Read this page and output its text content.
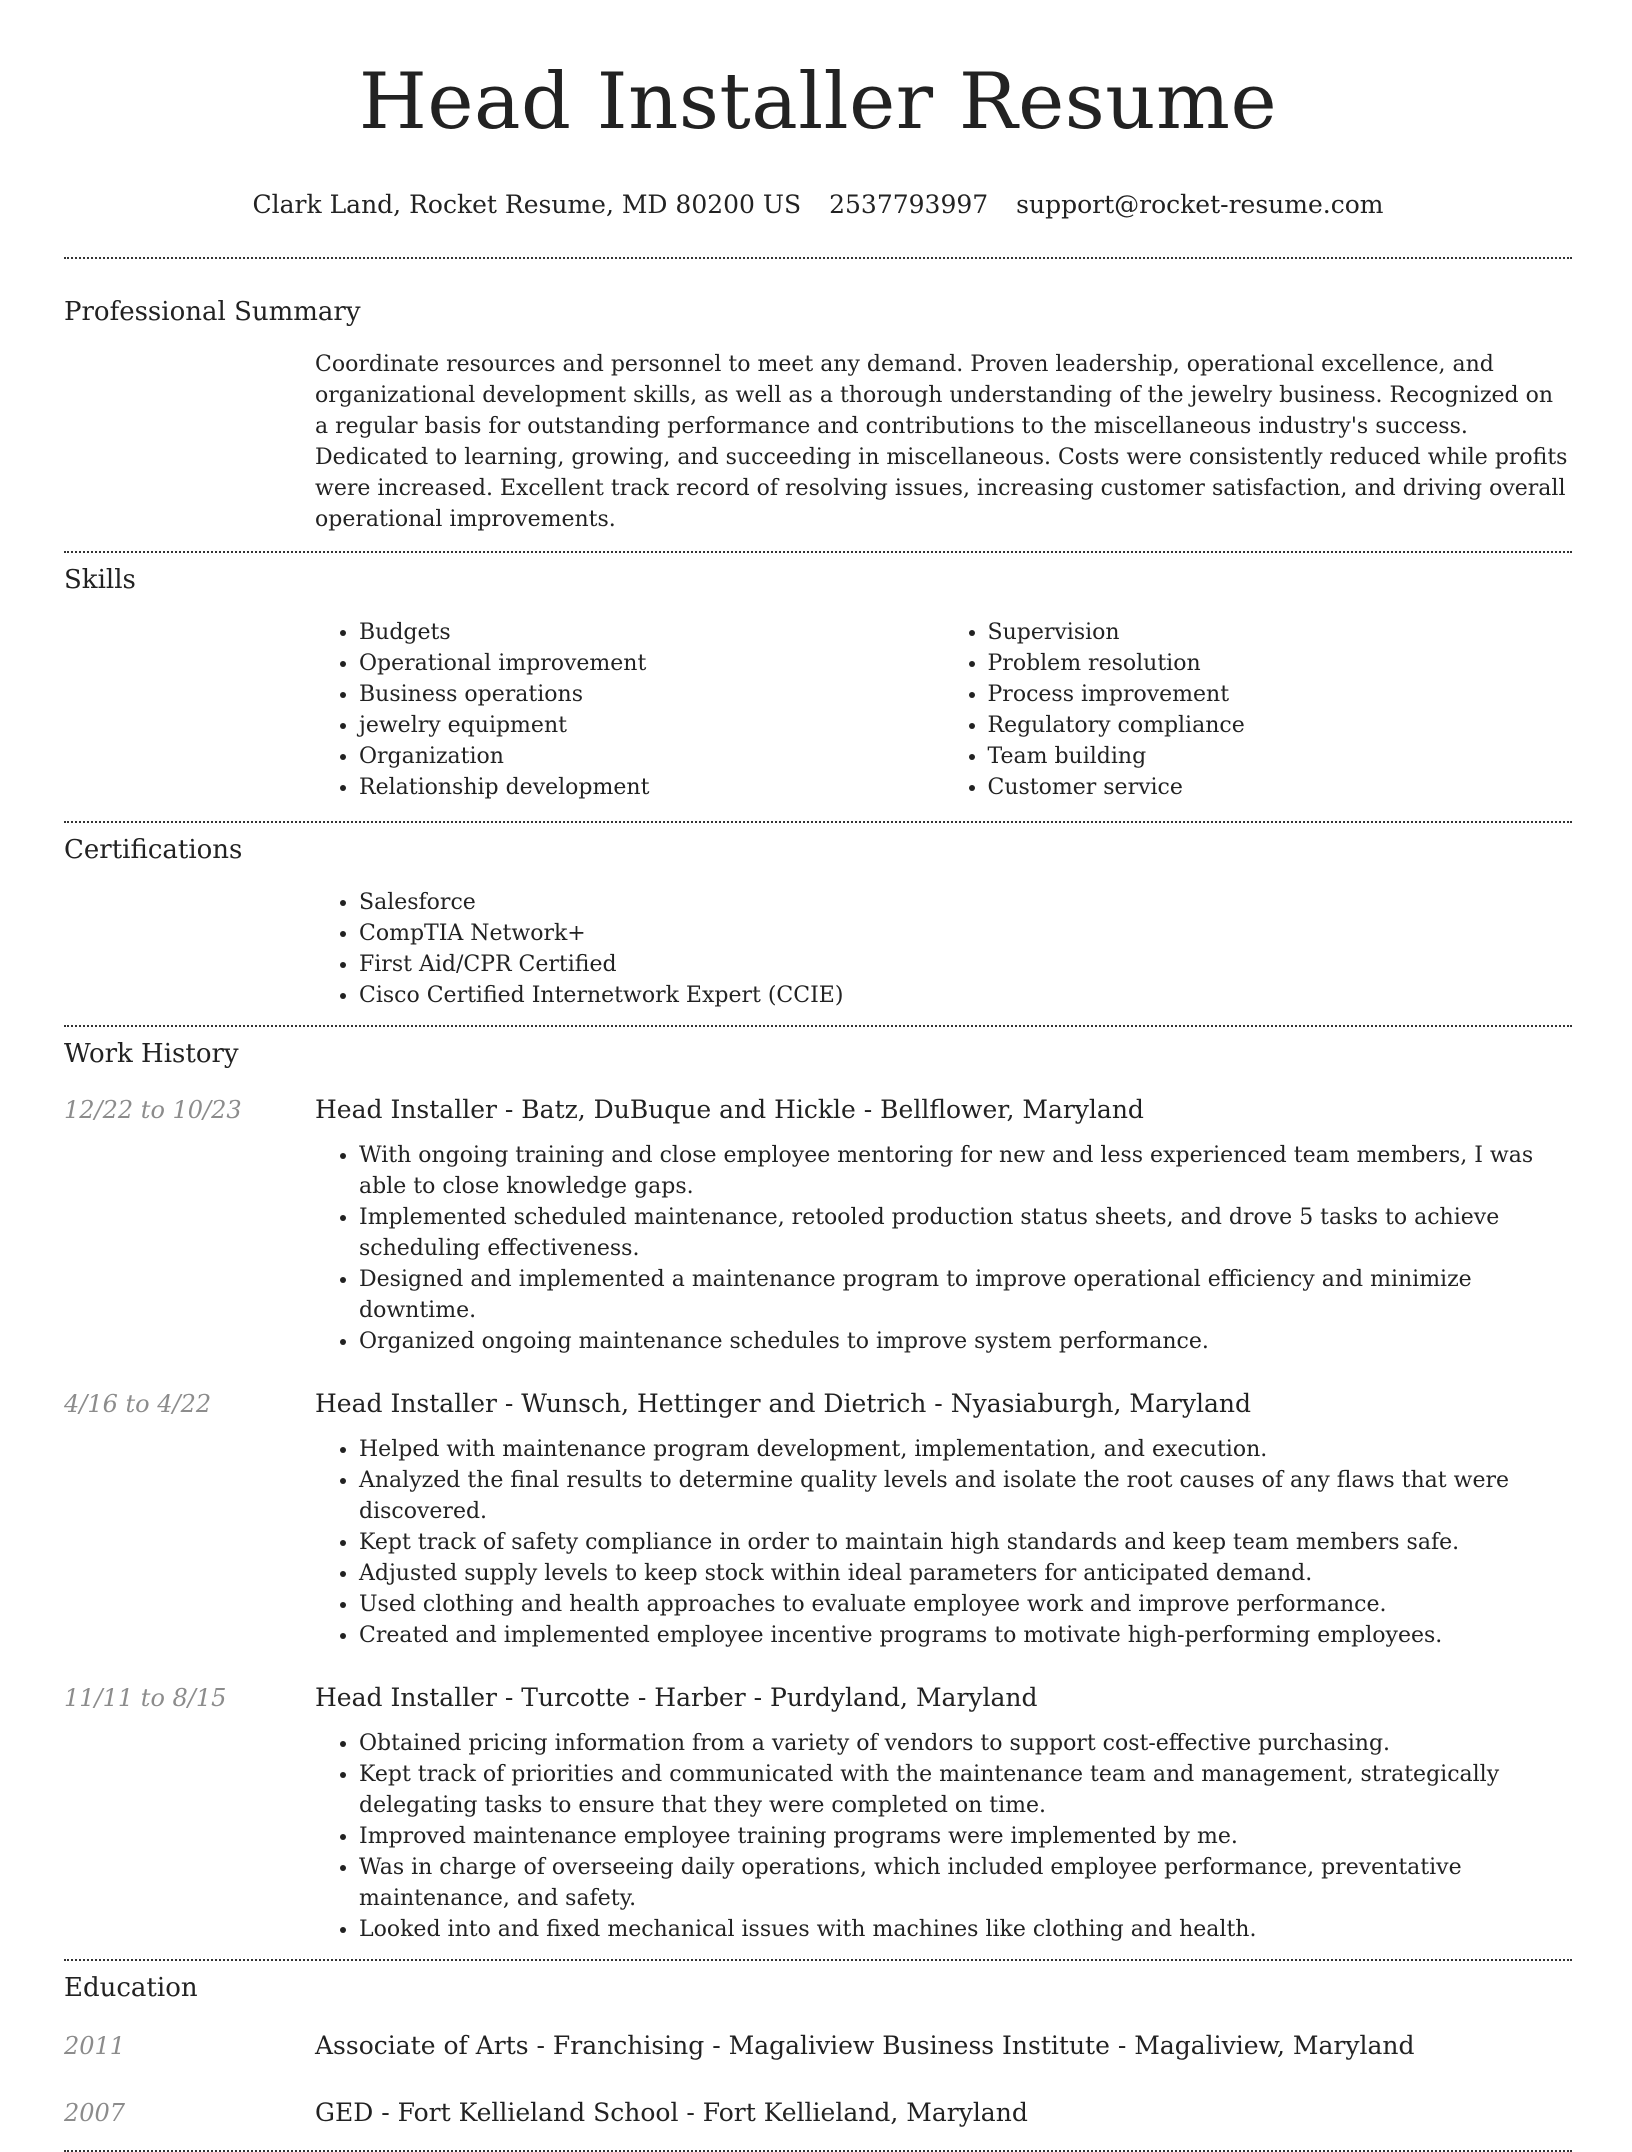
Head Installer Resume
Clark Land, Rocket Resume, MD 80200 US 2537793997 support@rocket-resume.com
Professional Summary

Coordinate resources and personnel to meet any demand. Proven leadership, operational excellence, and organizational development skills, as well as a thorough understanding of the jewelry business. Recognized on a regular basis for outstanding performance and contributions to the miscellaneous industry's success. Dedicated to learning, growing, and succeeding in miscellaneous. Costs were consistently reduced while profits were increased. Excellent track record of resolving issues, increasing customer satisfaction, and driving overall operational improvements.

Skills
• Budgets
• Operational improvement
• Business operations
• jewelry equipment
• Organization
• Relationship development
• Supervision
• Problem resolution
• Process improvement
• Regulatory compliance
• Team building
• Customer service
Certifications
• Salesforce
• CompTIA Network+
• First Aid/CPR Certified
• Cisco Certified Internetwork Expert (CCIE)
Work History
12/22 to 10/23	Head Installer - Batz, DuBuque and Hickle - Bellflower, Maryland
• With ongoing training and close employee mentoring for new and less experienced team members, I was able to close knowledge gaps.
• Implemented scheduled maintenance, retooled production status sheets, and drove 5 tasks to achieve scheduling effectiveness.
• Designed and implemented a maintenance program to improve operational efficiency and minimize downtime.
• Organized ongoing maintenance schedules to improve system performance.
4/16 to 4/22	Head Installer - Wunsch, Hettinger and Dietrich - Nyasiaburgh, Maryland
• Helped with maintenance program development, implementation, and execution.
• Analyzed the final results to determine quality levels and isolate the root causes of any flaws that were discovered.
• Kept track of safety compliance in order to maintain high standards and keep team members safe.
• Adjusted supply levels to keep stock within ideal parameters for anticipated demand.
• Used clothing and health approaches to evaluate employee work and improve performance.
• Created and implemented employee incentive programs to motivate high-performing employees.
11/11 to 8/15	Head Installer - Turcotte - Harber - Purdyland, Maryland
• Obtained pricing information from a variety of vendors to support cost-effective purchasing.
• Kept track of priorities and communicated with the maintenance team and management, strategically delegating tasks to ensure that they were completed on time.
• Improved maintenance employee training programs were implemented by me.
• Was in charge of overseeing daily operations, which included employee performance, preventative maintenance, and safety.
• Looked into and fixed mechanical issues with machines like clothing and health.
Education
2011	Associate of Arts - Franchising - Magaliview Business Institute - Magaliview, Maryland
2007	GED - Fort Kellieland School - Fort Kellieland, Maryland
